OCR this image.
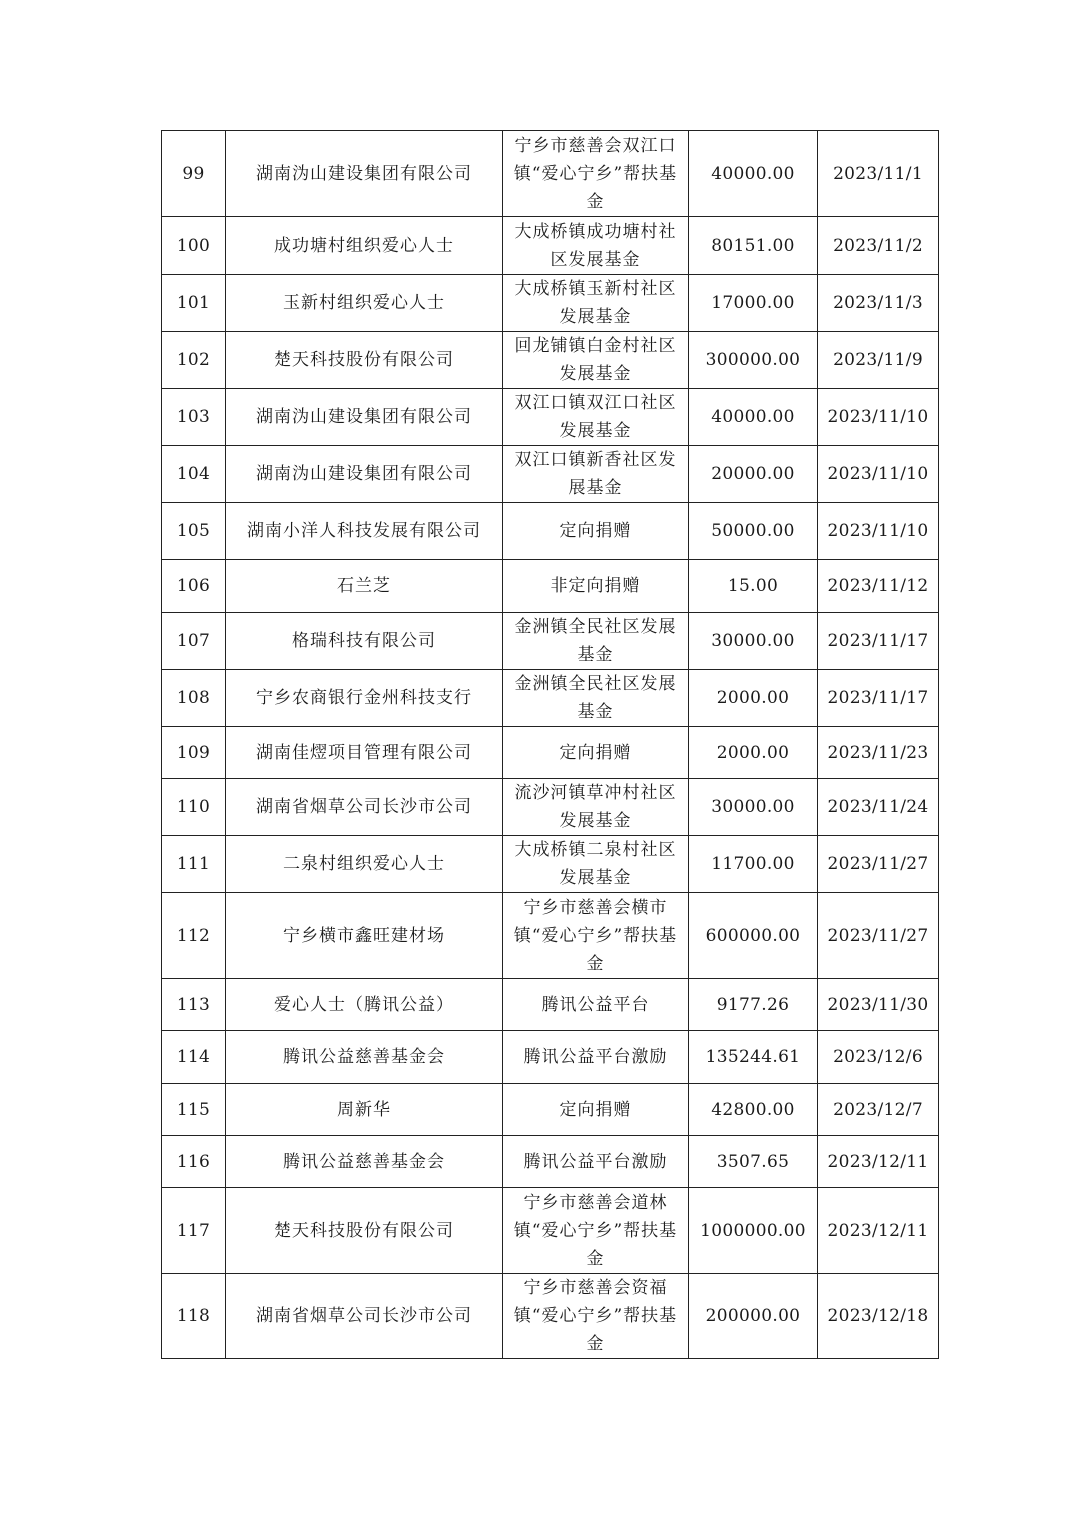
99	湖南沩山建设集团有限公司	宁乡市慈善会双江口镇“爱心宁乡”帮扶基金	40000.00	2023/11/1
100	成功塘村组织爱心人士	大成桥镇成功塘村社区发展基金	80151.00	2023/11/2
101	玉新村组织爱心人士	大成桥镇玉新村社区发展基金	17000.00	2023/11/3
102	楚天科技股份有限公司	回龙铺镇白金村社区发展基金	300000.00	2023/11/9
103	湖南沩山建设集团有限公司	双江口镇双江口社区发展基金	40000.00	2023/11/10
104	湖南沩山建设集团有限公司	双江口镇新香社区发展基金	20000.00	2023/11/10
105	湖南小洋人科技发展有限公司	定向捐赠	50000.00	2023/11/10
106	石兰芝	非定向捐赠	15.00	2023/11/12
107	格瑞科技有限公司	金洲镇全民社区发展基金	30000.00	2023/11/17
108	宁乡农商银行金州科技支行	金洲镇全民社区发展基金	2000.00	2023/11/17
109	湖南佳熤项目管理有限公司	定向捐赠	2000.00	2023/11/23
110	湖南省烟草公司长沙市公司	流沙河镇草冲村社区发展基金	30000.00	2023/11/24
111	二泉村组织爱心人士	大成桥镇二泉村社区发展基金	11700.00	2023/11/27
112	宁乡横市鑫旺建材场	宁乡市慈善会横市镇“爱心宁乡”帮扶基金	600000.00	2023/11/27
113	爱心人士（腾讯公益）	腾讯公益平台	9177.26	2023/11/30
114	腾讯公益慈善基金会	腾讯公益平台激励	135244.61	2023/12/6
115	周新华	定向捐赠	42800.00	2023/12/7
116	腾讯公益慈善基金会	腾讯公益平台激励	3507.65	2023/12/11
117	楚天科技股份有限公司	宁乡市慈善会道林镇“爱心宁乡”帮扶基金	1000000.00	2023/12/11
118	湖南省烟草公司长沙市公司	宁乡市慈善会资福镇“爱心宁乡”帮扶基金	200000.00	2023/12/18
